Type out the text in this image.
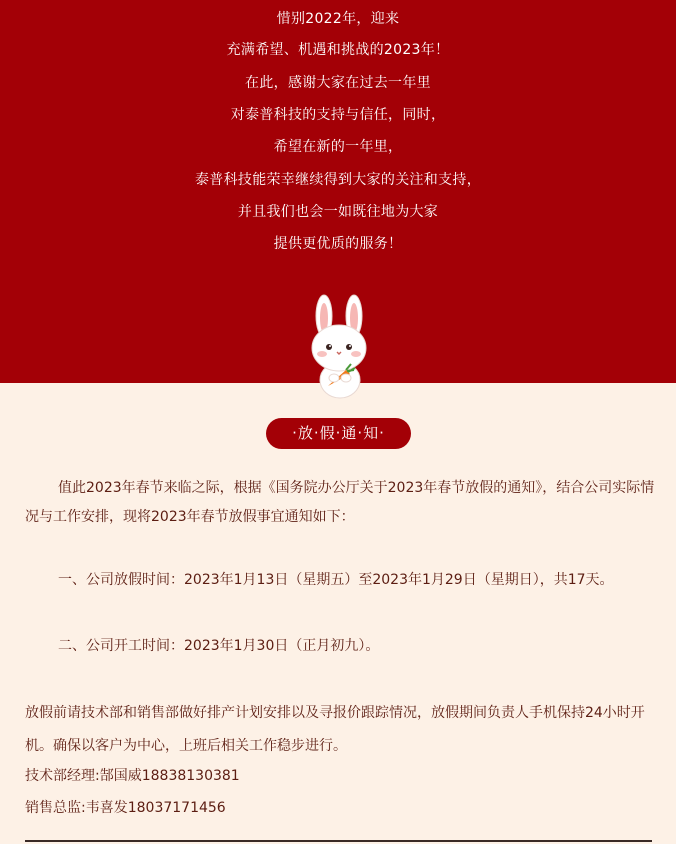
惜别2022年，迎来
充满希望、机遇和挑战的2023年！
在此，感谢大家在过去一年里
对泰普科技的支持与信任，同时，
希望在新的一年里，
泰普科技能荣幸继续得到大家的关注和支持，
并且我们也会一如既往地为大家
提供更优质的服务！
·放·假·通·知·
值此2023年春节来临之际，根据《国务院办公厅关于2023年春节放假的通知》，结合公司实际情况与工作安排，现将2023年春节放假事宜通知如下：
一、公司放假时间：2023年1月13日（星期五）至2023年1月29日（星期日），共17天。
二、公司开工时间：2023年1月30日（正月初九）。
放假前请技术部和销售部做好排产计划安排以及寻报价跟踪情况，放假期间负责人手机保持24小时开机。确保以客户为中心，上班后相关工作稳步进行。
技术部经理:郜国威18838130381
销售总监:韦喜发18037171456
